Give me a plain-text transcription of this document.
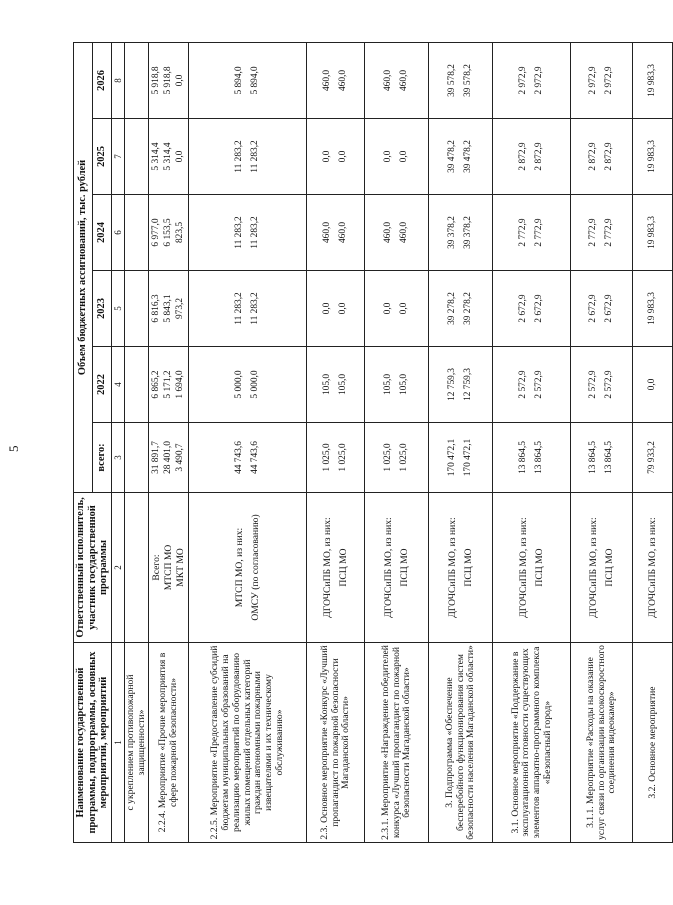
5
Наименование государственной программы, подпрограммы, основных мероприятий, мероприятий	Ответственный исполнитель, участник государственной программы	Объем бюджетных ассигнований, тыс. рублей					
		всего:	2022	2023	2024	2025	2026
1	2	3	4	5	6	7	8
с укреплением противопожарной защищенности»							
2.2.4. Мероприятие «Прочие мероприятия в сфере пожарной безопасности»	Всего: МТСП МО МКТ МО	31 891,7 28 401,0 3 490,7	6 865,2 5 171,2 1 694,0	6 816,3 5 843,1 973,2	6 977,0 6 153,5 823,5	5 314,4 5 314,4 0,0	5 918,8 5 918,8 0,0

2.2.5. Мероприятие «Предоставление субсидий бюджетам муниципальных образований на реализацию мероприятий по оборудованию жилых помещений отдельных категорий граждан автономными пожарными извещателями и их техническому обслуживанию»	МТСП МО, из них: ОМСУ (по согласованию)	44 743,6 44 743,6	5 000,0 5 000,0	11 283,2 11 283,2	11 283,2 11 283,2	11 283,2 11 283,2	5 894,0 5 894,0

2.3. Основное мероприятие «Конкурс «Лучший пропагандист по пожарной безопасности Магаданской области»	ДГОЧСиПБ МО, из них: ПСЦ МО	1 025,0 1 025,0	105,0 105,0	0,0 0,0	460,0 460,0	0,0 0,0	460,0 460,0

2.3.1. Мероприятие «Награждение победителей конкурса «Лучший пропагандист по пожарной безопасности Магаданской области»	ДГОЧСиПБ МО, из них: ПСЦ МО	1 025,0 1 025,0	105,0 105,0	0,0 0,0	460,0 460,0	0,0 0,0	460,0 460,0

3. Подпрограмма «Обеспечение бесперебойного функционирования систем безопасности населения Магаданской области»	ДГОЧСиПБ МО, из них: ПСЦ МО	170 472,1 170 472,1	12 759,3 12 759,3	39 278,2 39 278,2	39 378,2 39 378,2	39 478,2 39 478,2	39 578,2 39 578,2

3.1. Основное мероприятие «Поддержание в эксплуатационной готовности существующих элементов аппаратно-программного комплекса «Безопасный город»	ДГОЧСиПБ МО, из них: ПСЦ МО	13 864,5 13 864,5	2 572,9 2 572,9	2 672,9 2 672,9	2 772,9 2 772,9	2 872,9 2 872,9	2 972,9 2 972,9

3.1.1. Мероприятие «Расходы на оказание услуг связи по организации высокоскоростного соединения видеокамер»	ДГОЧСиПБ МО, из них: ПСЦ МО	13 864,5 13 864,5	2 572,9 2 572,9	2 672,9 2 672,9	2 772,9 2 772,9	2 872,9 2 872,9	2 972,9 2 972,9

3.2. Основное мероприятие	ДГОЧСиПБ МО, из них:	79 933,2	0,0	19 983,3	19 983,3	19 983,3	19 983,3
